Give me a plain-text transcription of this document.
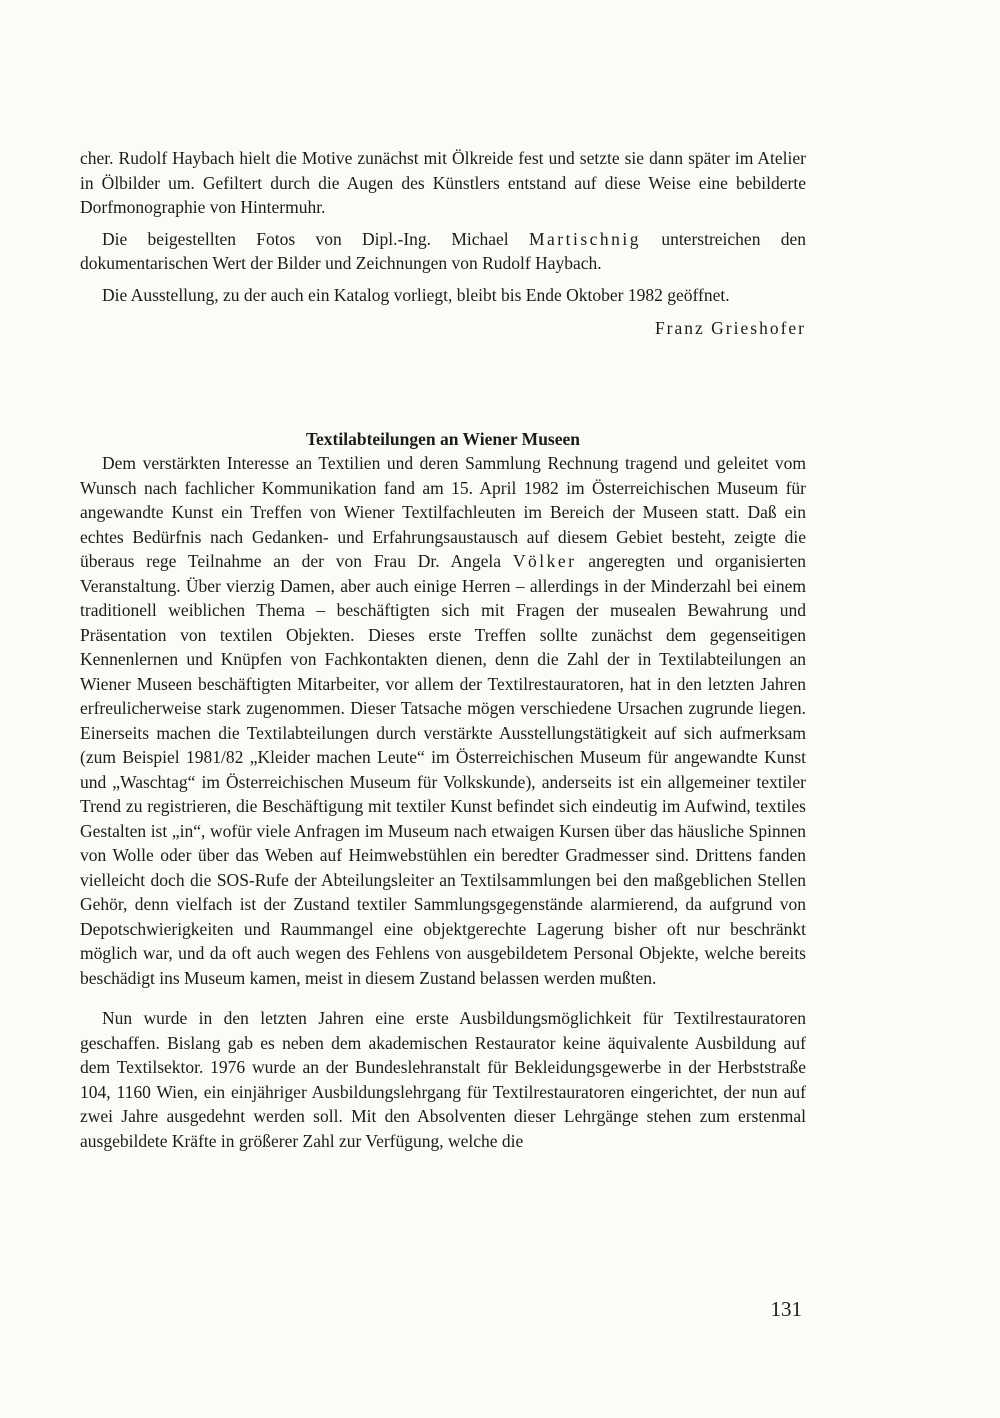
cher. Rudolf Haybach hielt die Motive zunächst mit Ölkreide fest und setzte sie dann später im Atelier in Ölbilder um. Gefiltert durch die Augen des Künstlers entstand auf diese Weise eine bebilderte Dorfmonographie von Hintermuhr.

Die beigestellten Fotos von Dipl.-Ing. Michael Martischnig unterstreichen den dokumentarischen Wert der Bilder und Zeichnungen von Rudolf Haybach.

Die Ausstellung, zu der auch ein Katalog vorliegt, bleibt bis Ende Oktober 1982 geöffnet.

Franz Grieshofer

Textilabteilungen an Wiener Museen

Dem verstärkten Interesse an Textilien und deren Sammlung Rechnung tragend und geleitet vom Wunsch nach fachlicher Kommunikation fand am 15. April 1982 im Österreichischen Museum für angewandte Kunst ein Treffen von Wiener Textilfachleuten im Bereich der Museen statt. Daß ein echtes Bedürfnis nach Gedanken- und Erfahrungsaustausch auf diesem Gebiet besteht, zeigte die überaus rege Teilnahme an der von Frau Dr. Angela Völker angeregten und organisierten Veranstaltung. Über vierzig Damen, aber auch einige Herren – allerdings in der Minderzahl bei einem traditionell weiblichen Thema – beschäftigten sich mit Fragen der musealen Bewahrung und Präsentation von textilen Objekten. Dieses erste Treffen sollte zunächst dem gegenseitigen Kennenlernen und Knüpfen von Fachkontakten dienen, denn die Zahl der in Textilabteilungen an Wiener Museen beschäftigten Mitarbeiter, vor allem der Textilrestauratoren, hat in den letzten Jahren erfreulicherweise stark zugenommen. Dieser Tatsache mögen verschiedene Ursachen zugrunde liegen. Einerseits machen die Textilabteilungen durch verstärkte Ausstellungstätigkeit auf sich aufmerksam (zum Beispiel 1981/82 „Kleider machen Leute“ im Österreichischen Museum für angewandte Kunst und „Waschtag“ im Österreichischen Museum für Volkskunde), anderseits ist ein allgemeiner textiler Trend zu registrieren, die Beschäftigung mit textiler Kunst befindet sich eindeutig im Aufwind, textiles Gestalten ist „in“, wofür viele Anfragen im Museum nach etwaigen Kursen über das häusliche Spinnen von Wolle oder über das Weben auf Heimwebstühlen ein beredter Gradmesser sind. Drittens fanden vielleicht doch die SOS-Rufe der Abteilungsleiter an Textilsammlungen bei den maßgeblichen Stellen Gehör, denn vielfach ist der Zustand textiler Sammlungsgegenstände alarmierend, da aufgrund von Depotschwierigkeiten und Raummangel eine objektgerechte Lagerung bisher oft nur beschränkt möglich war, und da oft auch wegen des Fehlens von ausgebildetem Personal Objekte, welche bereits beschädigt ins Museum kamen, meist in diesem Zustand belassen werden mußten.

Nun wurde in den letzten Jahren eine erste Ausbildungsmöglichkeit für Textilrestauratoren geschaffen. Bislang gab es neben dem akademischen Restaurator keine äquivalente Ausbildung auf dem Textilsektor. 1976 wurde an der Bundeslehranstalt für Bekleidungsgewerbe in der Herbststraße 104, 1160 Wien, ein einjähriger Ausbildungslehrgang für Textilrestauratoren eingerichtet, der nun auf zwei Jahre ausgedehnt werden soll. Mit den Absolventen dieser Lehrgänge stehen zum erstenmal ausgebildete Kräfte in größerer Zahl zur Verfügung, welche die

131
